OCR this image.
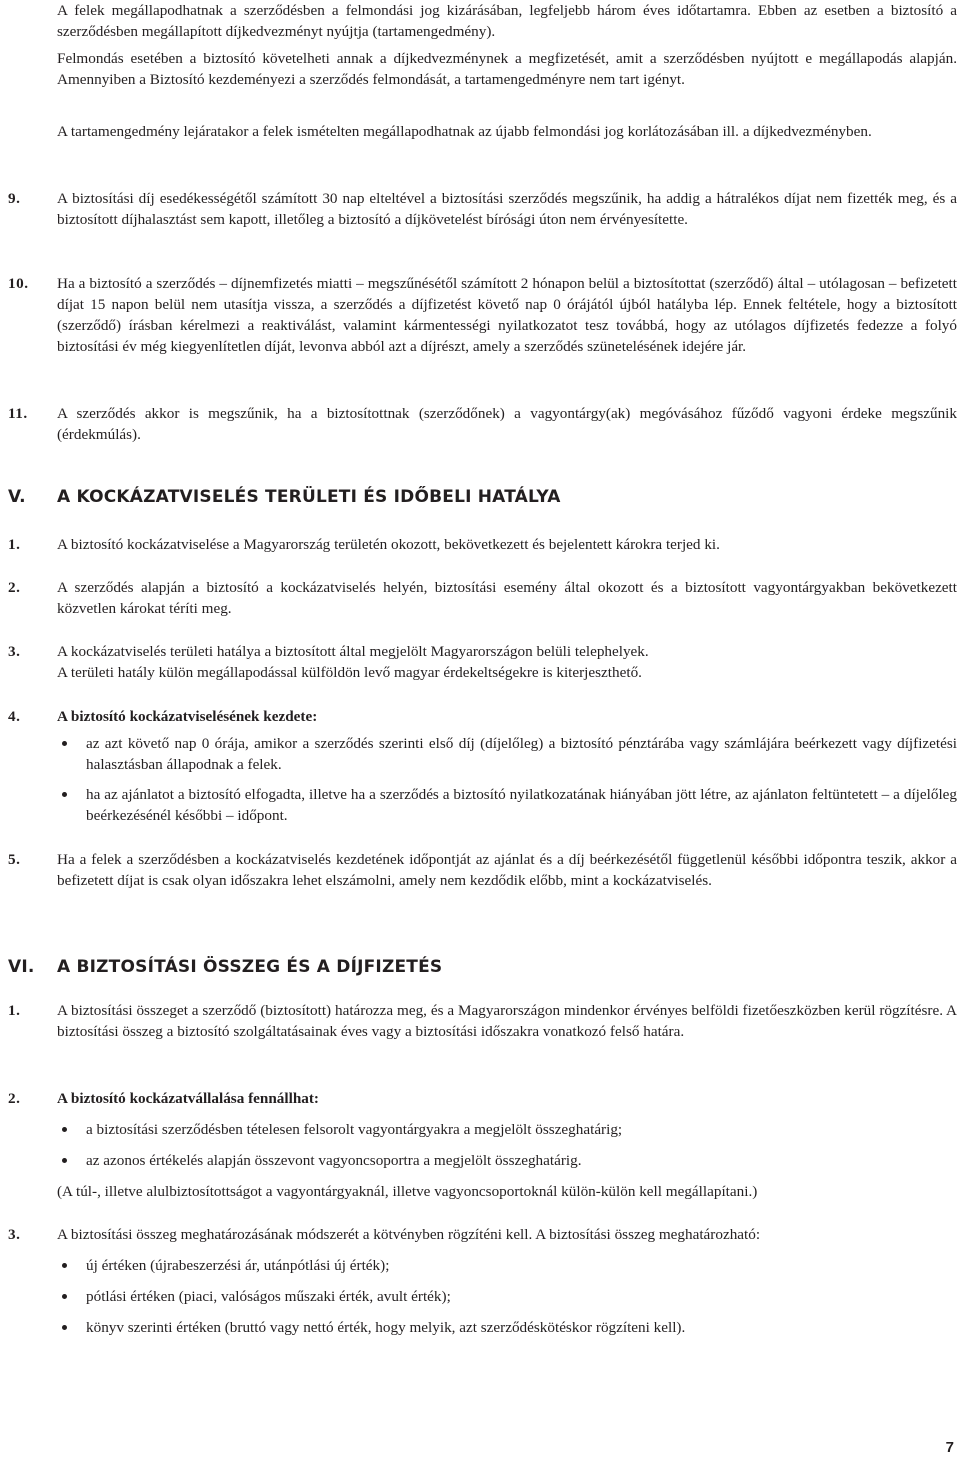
A felek megállapodhatnak a szerződésben a felmondási jog kizárásában, legfeljebb három éves időtartamra. Ebben az esetben a biztosító a szerződésben megállapított díjkedvezményt nyújtja (tartamengedmény).

Felmondás esetében a biztosító követelheti annak a díjkedvezménynek a megfizetését, amit a szerződésben nyújtott e megállapodás alapján. Amennyiben a Biztosító kezdeményezi a szerződés felmondását, a tartamengedményre nem tart igényt.

A tartamengedmény lejáratakor a felek ismételten megállapodhatnak az újabb felmondási jog korlátozásában ill. a díjkedvezményben.

9. A biztosítási díj esedékességétől számított 30 nap elteltével a biztosítási szerződés megszűnik, ha addig a hátralékos díjat nem fizették meg, és a biztosított díjhalasztást sem kapott, illetőleg a biztosító a díjkövetelést bírósági úton nem érvényesítette.

10. Ha a biztosító a szerződés – díjnemfizetés miatti – megszűnésétől számított 2 hónapon belül a biztosítottat (szerződő) által – utólagosan – befizetett díjat 15 napon belül nem utasítja vissza, a szerződés a díjfizetést követő nap 0 órájától újból hatályba lép. Ennek feltétele, hogy a biztosított (szerződő) írásban kérelmezi a reaktiválást, valamint kármentességi nyilatkozatot tesz továbbá, hogy az utólagos díjfizetés fedezze a folyó biztosítási év még kiegyenlítetlen díját, levonva abból azt a díjrészt, amely a szerződés szünetelésének idejére jár.

11. A szerződés akkor is megszűnik, ha a biztosítottnak (szerződőnek) a vagyontárgy(ak) megóvásához fűződő vagyoni érdeke megszűnik (érdekmúlás).

V. A KOCKÁZATVISELÉS TERÜLETI ÉS IDŐBELI HATÁLYA
1. A biztosító kockázatviselése a Magyarország területén okozott, bekövetkezett és bejelentett károkra terjed ki.

2. A szerződés alapján a biztosító a kockázatviselés helyén, biztosítási esemény által okozott és a biztosított vagyontárgyakban bekövetkezett közvetlen károkat téríti meg.

3. A kockázatviselés területi hatálya a biztosított által megjelölt Magyarországon belüli telephelyek.

A területi hatály külön megállapodással külföldön levő magyar érdekeltségekre is kiterjeszthető.

4. A biztosító kockázatviselésének kezdete:

az azt követő nap 0 órája, amikor a szerződés szerinti első díj (díjelőleg) a biztosító pénztárába vagy számlájára beérkezett vagy díjfizetési halasztásban állapodnak a felek.

ha az ajánlatot a biztosító elfogadta, illetve ha a szerződés a biztosító nyilatkozatának hiányában jött létre, az ajánlaton feltüntetett – a díjelőleg beérkezésénél későbbi – időpont.

5. Ha a felek a szerződésben a kockázatviselés kezdetének időpontját az ajánlat és a díj beérkezésétől függetlenül későbbi időpontra teszik, akkor a befizetett díjat is csak olyan időszakra lehet elszámolni, amely nem kezdődik előbb, mint a kockázatviselés.

VI. A BIZTOSÍTÁSI ÖSSZEG ÉS A DÍJFIZETÉS
1. A biztosítási összeget a szerződő (biztosított) határozza meg, és a Magyarországon mindenkor érvényes belföldi fizetőeszközben kerül rögzítésre. A biztosítási összeg a biztosító szolgáltatásainak éves vagy a biztosítási időszakra vonatkozó felső határa.

2. A biztosító kockázatvállalása fennállhat:

a biztosítási szerződésben tételesen felsorolt vagyontárgyakra a megjelölt összeghatárig;

az azonos értékelés alapján összevont vagyoncsoportra a megjelölt összeghatárig.

(A túl-, illetve alulbiztosítottságot a vagyontárgyaknál, illetve vagyoncsoportoknál külön-külön kell megállapítani.)

3. A biztosítási összeg meghatározásának módszerét a kötvényben rögzíténi kell. A biztosítási összeg meghatározható:

új értéken (újrabeszerzési ár, utánpótlási új érték);

pótlási értéken (piaci, valóságos műszaki érték, avult érték);

könyv szerinti értéken (bruttó vagy nettó érték, hogy melyik, azt szerződéskötéskor rögzíteni kell).

7
